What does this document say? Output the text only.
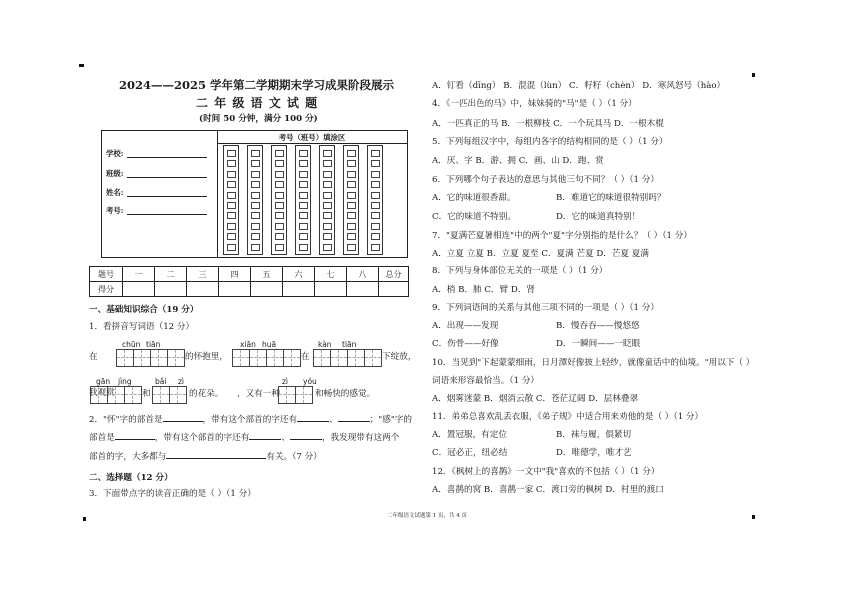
2024——2025 学年第二学期期末学习成果阶段展示
二 年 级 语 文 试 题
(时间 50 分钟，满分 100 分)
学校:
班级:
姓名:
考号:
考号（班号）填涂区
题号	一	二	三	四	五	六	七	八	总分
得分									
一、基础知识综合（19 分）
1．看拼音写词语（12 分）
chūn tiān
的怀抱里，
在
xiān huā
在
kàn tiān
下绽放，
我观赏
gān jìng
和
bǎi zì
的花朵。 ，又有一种
zì yóu
和畅快的感觉。
2．"怀"字的部首是	，带有这个部首的字还有	、	；"感"字的
部首是	，带有这个部首的字还有	、	，我发现带有这两个
部首的字，大多都与	有关。（7 分）
二、选择题（12 分）
3．下面带点字的读音正确的是（ ）（1 分）
A．钉看（dīng） B．混混（lùn） C．籽籽（chèn） D．寒风怒号（hào）
4．《一匹出色的马》中，妹妹骑的"马"是（ ）（1 分）
A．一匹真正的马 B．一根柳枝 C．一个玩具马 D．一根木棍
5．下列每组汉字中，每组内各字的结构相同的是（ ）（1 分）
A．厌、字 B．游、拥 C．画、山 D．跑、赏
6．下列哪个句子表达的意思与其他三句不同？（ ）（1 分）
A．它的味道很香甜。	B．难道它的味道很特别吗？
C．它的味道不特别。	D．它的味道真特别！
7．"夏满芒夏暑相连"中的两个"夏"字分别指的是什么？（ ）（1 分）
A．立夏 立夏 B．立夏 夏至 C．夏满 芒夏 D．芒夏 夏满
8．下列与身体部位无关的一项是（ ）（1 分）
A．梢 B．肺 C．臂 D．肾
9．下列词语间的关系与其他三项不同的一项是（ ）（1 分）
A．出现——发现	B．慢吞吞——慢悠悠
C．伤骨——好像	D．一瞬间——一眨眼
10．当见到"下起蒙蒙细雨，日月潭好像披上轻纱，就像童话中的仙境。"用以下（ ）
词语来形容最恰当。（1 分）
A．烟雾迷蒙 B．烟消云散 C．苍茫辽阔 D．层林叠翠
11．弟弟总喜欢乱丢衣服，《弟子规》中适合用来劝他的是（ ）（1 分）
A．置冠服，有定位	B．袜与履，俱紧切
C．冠必正，纽必结	D．唯德学，唯才艺
12．《枫树上的喜鹊》一文中"我"喜欢的不包括（ ）（1 分）
A．喜鹊的窝 B．喜鹊一家 C．渡口旁的枫树 D．村里的渡口
二年级语文试题第 1 页，共 4 页
